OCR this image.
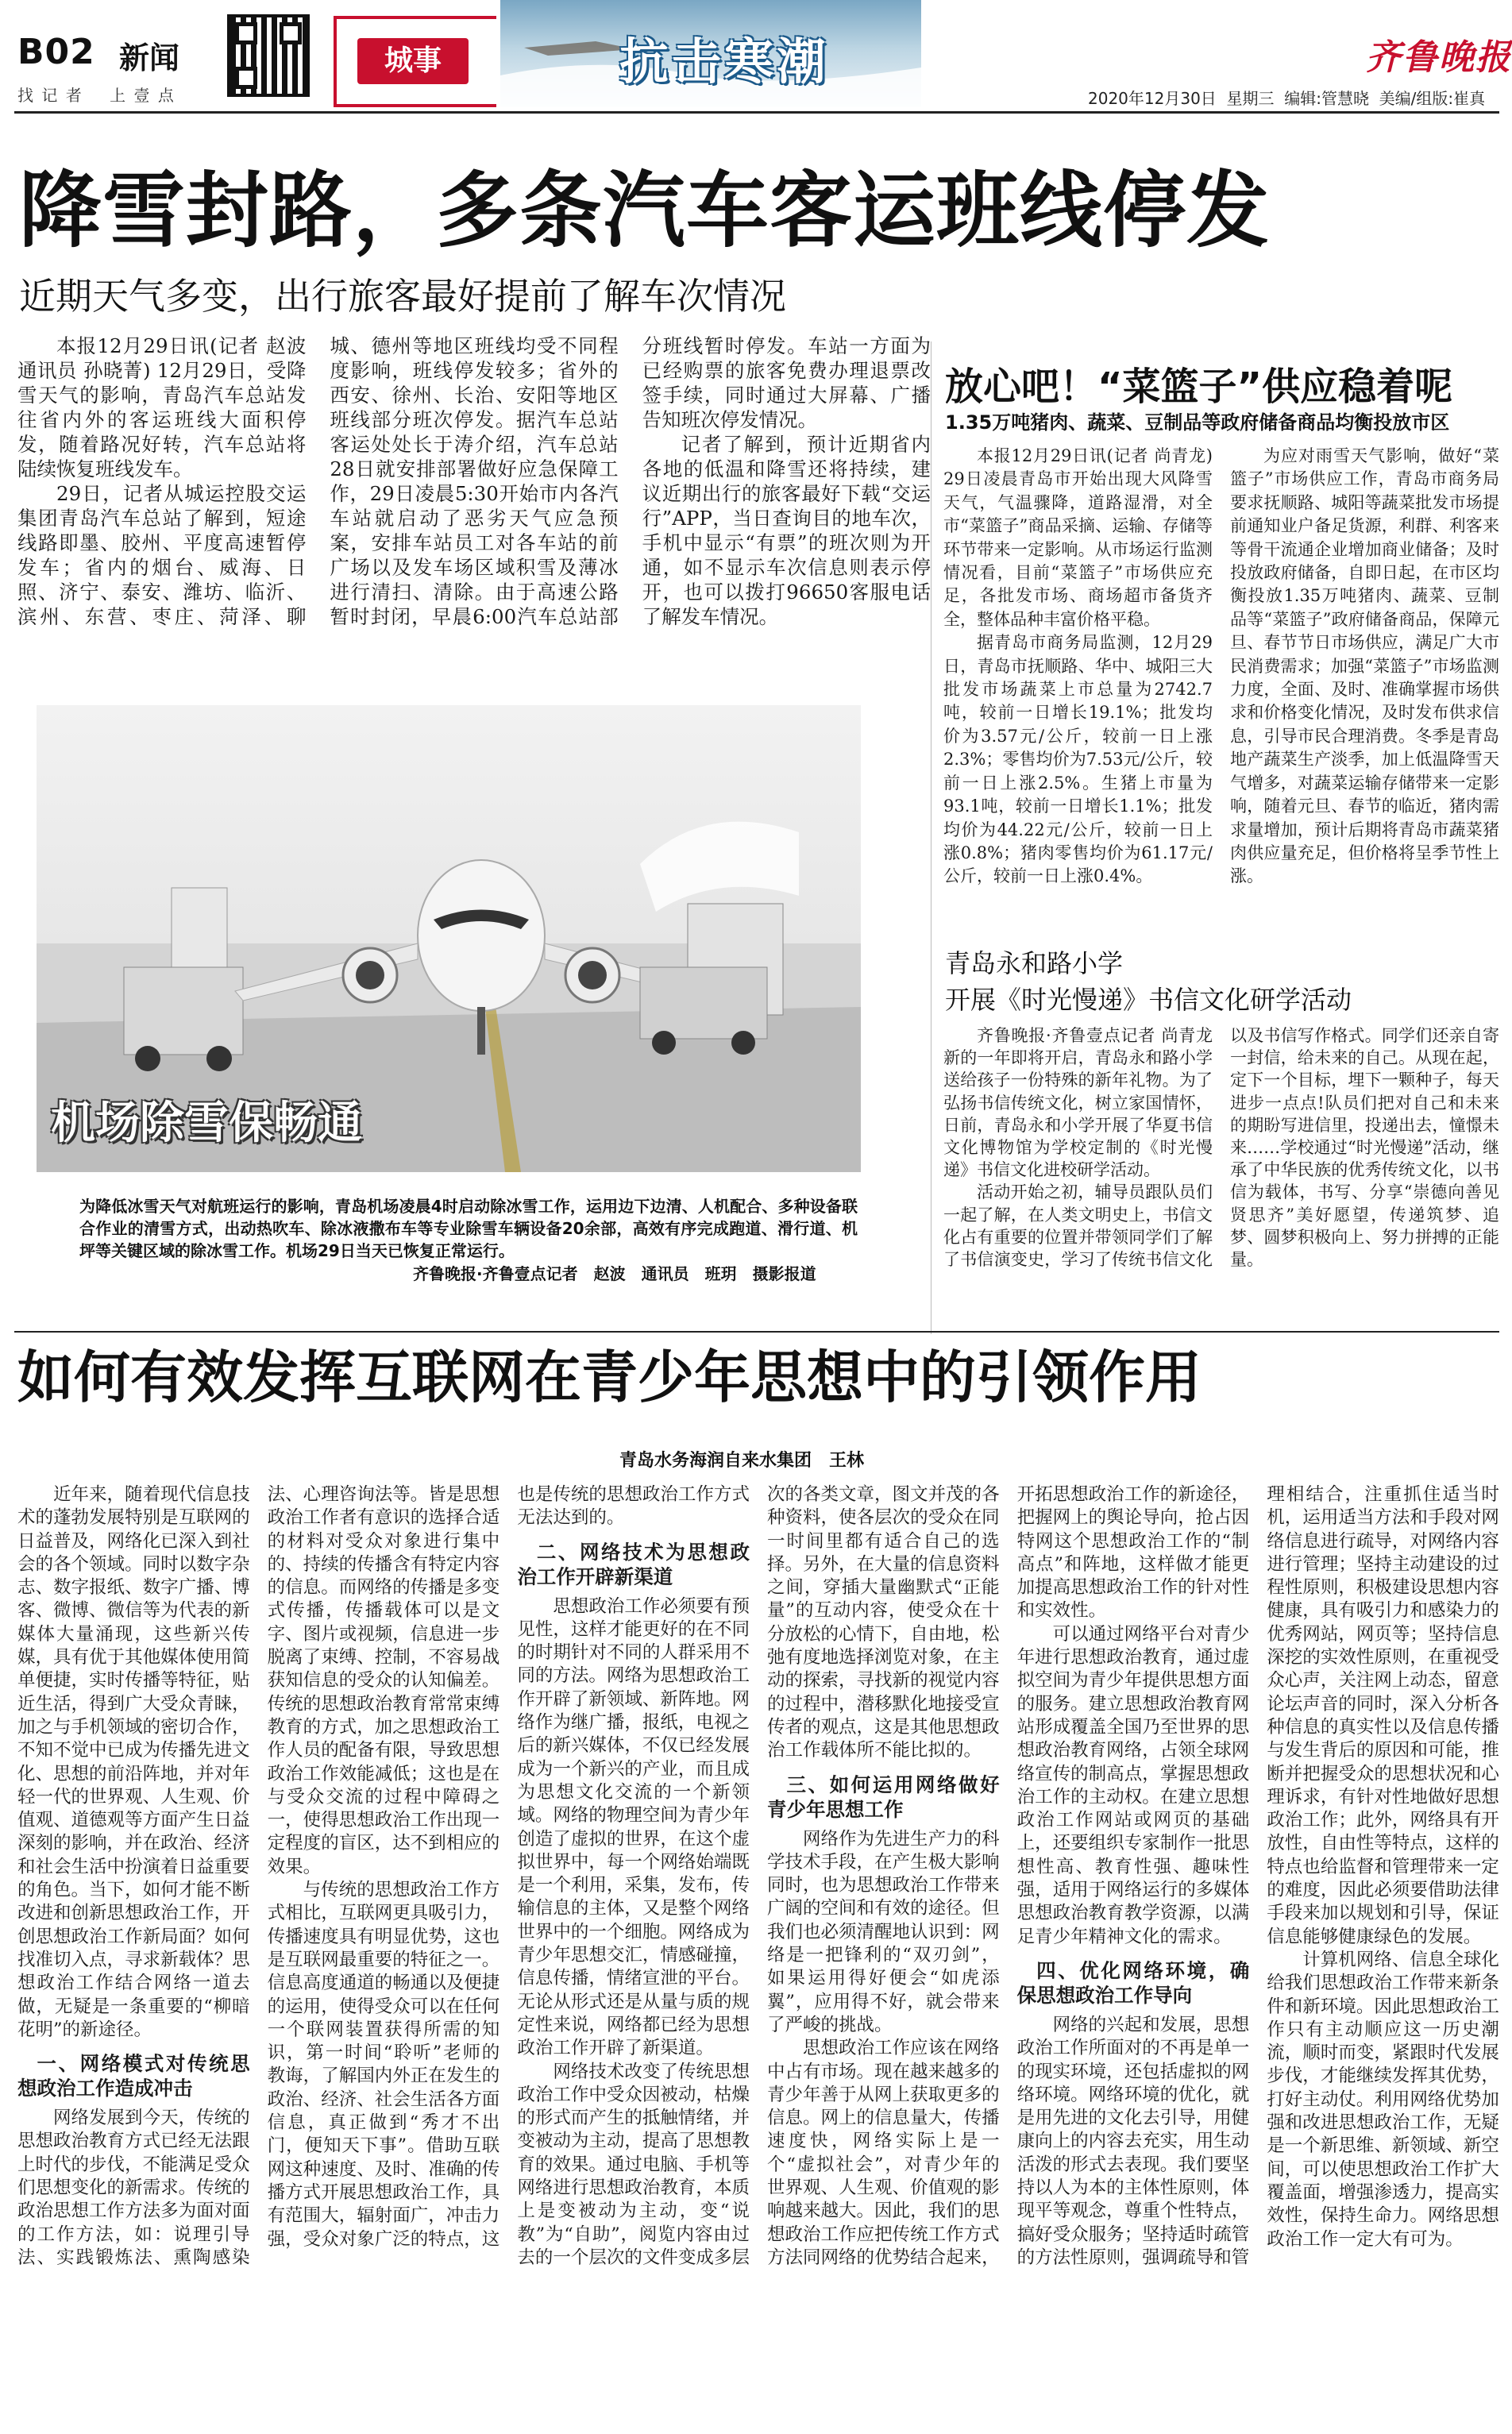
B02 新闻
找 记 者    上 壹 点
城事	抗击寒潮	齐鲁晚报
2020年12月30日  星期三  编辑:管慧晓  美编/组版:崔真
降雪封路，多条汽车客运班线停发
近期天气多变，出行旅客最好提前了解车次情况

本报12月29日讯(记者 赵波 通讯员 孙晓菁) 12月29日，受降雪天气的影响，青岛汽车总站发往省内外的客运班线大面积停发，随着路况好转，汽车总站将陆续恢复班线发车。

29日，记者从城运控股交运集团青岛汽车总站了解到，短途线路即墨、胶州、平度高速暂停发车；省内的烟台、威海、日照、济宁、泰安、潍坊、临沂、滨州、东营、枣庄、菏泽、聊城、德州等地区班线均受不同程度影响，班线停发较多；省外的西安、徐州、长治、安阳等地区班线部分班次停发。据汽车总站客运处处长于涛介绍，汽车总站28日就安排部署做好应急保障工作，29日凌晨5:30开始市内各汽车站就启动了恶劣天气应急预案，安排车站员工对各车站的前广场以及发车场区域积雪及薄冰进行清扫、清除。由于高速公路暂时封闭，早晨6:00汽车总站部分班线暂时停发。车站一方面为已经购票的旅客免费办理退票改签手续，同时通过大屏幕、广播告知班次停发情况。

记者了解到，预计近期省内各地的低温和降雪还将持续，建议近期出行的旅客最好下载“交运行”APP，当日查询目的地车次，手机中显示“有票”的班次则为开通，如不显示车次信息则表示停开，也可以拨打96650客服电话了解发车情况。

机场除雪保畅通
为降低冰雪天气对航班运行的影响，青岛机场凌晨4时启动除冰雪工作，运用边下边清、人机配合、多种设备联合作业的清雪方式，出动热吹车、除冰液撒布车等专业除雪车辆设备20余部，高效有序完成跑道、滑行道、机坪等关键区域的除冰雪工作。机场29日当天已恢复正常运行。
齐鲁晚报·齐鲁壹点记者　赵波　通讯员　班玥　摄影报道
放心吧！“菜篮子”供应稳着呢
1.35万吨猪肉、蔬菜、豆制品等政府储备商品均衡投放市区

本报12月29日讯(记者 尚青龙) 29日凌晨青岛市开始出现大风降雪天气，气温骤降，道路湿滑，对全市“菜篮子”商品采摘、运输、存储等环节带来一定影响。从市场运行监测情况看，目前“菜篮子”市场供应充足，各批发市场、商场超市备货齐全，整体品种丰富价格平稳。

据青岛市商务局监测，12月29日，青岛市抚顺路、华中、城阳三大批发市场蔬菜上市总量为2742.7吨，较前一日增长19.1%；批发均价为3.57元/公斤，较前一日上涨2.3%；零售均价为7.53元/公斤，较前一日上涨2.5%。生猪上市量为93.1吨，较前一日增长1.1%；批发均价为44.22元/公斤，较前一日上涨0.8%；猪肉零售均价为61.17元/公斤，较前一日上涨0.4%。

为应对雨雪天气影响，做好“菜篮子”市场供应工作，青岛市商务局要求抚顺路、城阳等蔬菜批发市场提前通知业户备足货源，利群、利客来等骨干流通企业增加商业储备；及时投放政府储备，自即日起，在市区均衡投放1.35万吨猪肉、蔬菜、豆制品等“菜篮子”政府储备商品，保障元旦、春节节日市场供应，满足广大市民消费需求；加强“菜篮子”市场监测力度，全面、及时、准确掌握市场供求和价格变化情况，及时发布供求信息，引导市民合理消费。冬季是青岛地产蔬菜生产淡季，加上低温降雪天气增多，对蔬菜运输存储带来一定影响，随着元旦、春节的临近，猪肉需求量增加，预计后期将青岛市蔬菜猪肉供应量充足，但价格将呈季节性上涨。

青岛永和路小学
开展《时光慢递》书信文化研学活动

齐鲁晚报·齐鲁壹点记者 尚青龙 新的一年即将开启，青岛永和路小学送给孩子一份特殊的新年礼物。为了弘扬书信传统文化，树立家国情怀，日前，青岛永和小学开展了华夏书信文化博物馆为学校定制的《时光慢递》书信文化进校研学活动。

活动开始之初，辅导员跟队员们一起了解，在人类文明史上，书信文化占有重要的位置并带领同学们了解了书信演变史，学习了传统书信文化以及书信写作格式。同学们还亲自寄一封信，给未来的自己。从现在起，定下一个目标，埋下一颗种子，每天进步一点点!队员们把对自己和未来的期盼写进信里，投递出去，憧憬未来……学校通过“时光慢递”活动，继承了中华民族的优秀传统文化，以书信为载体，书写、分享“崇德向善见贤思齐”美好愿望，传递筑梦、追梦、圆梦积极向上、努力拼搏的正能量。

如何有效发挥互联网在青少年思想中的引领作用
青岛水务海润自来水集团　王林

近年来，随着现代信息技术的蓬勃发展特别是互联网的日益普及，网络化已深入到社会的各个领域。同时以数字杂志、数字报纸、数字广播、博客、微博、微信等为代表的新媒体大量涌现，这些新兴传媒，具有优于其他媒体使用简单便捷，实时传播等特征，贴近生活，得到广大受众青睐，加之与手机领域的密切合作，不知不觉中已成为传播先进文化、思想的前沿阵地，并对年轻一代的世界观、人生观、价值观、道德观等方面产生日益深刻的影响，并在政治、经济和社会生活中扮演着日益重要的角色。当下，如何才能不断改进和创新思想政治工作，开创思想政治工作新局面？如何找准切入点，寻求新载体？思想政治工作结合网络一道去做，无疑是一条重要的“柳暗花明”的新途径。

一、网络模式对传统思想政治工作造成冲击

网络发展到今天，传统的思想政治教育方式已经无法跟上时代的步伐，不能满足受众们思想变化的新需求。传统的政治思想工作方法多为面对面的工作方法，如：说理引导法、实践锻炼法、熏陶感染法、心理咨询法等。皆是思想政治工作者有意识的选择合适的材料对受众对象进行集中的、持续的传播含有特定内容的信息。而网络的传播是多变式传播，传播载体可以是文字、图片或视频，信息进一步脱离了束缚、控制，不容易战获知信息的受众的认知偏差。传统的思想政治教育常常束缚教育的方式，加之思想政治工作人员的配备有限，导致思想政治工作效能减低；这也是在与受众交流的过程中障碍之一，使得思想政治工作出现一定程度的盲区，达不到相应的效果。

与传统的思想政治工作方式相比，互联网更具吸引力，传播速度具有明显优势，这也是互联网最重要的特征之一。信息高度通道的畅通以及便捷的运用，使得受众可以在任何一个联网装置获得所需的知识，第一时间“聆听”老师的教诲，了解国内外正在发生的政治、经济、社会生活各方面信息，真正做到“秀才不出门，便知天下事”。借助互联网这种速度、及时、准确的传播方式开展思想政治工作，具有范围大，辐射面广，冲击力强，受众对象广泛的特点，这也是传统的思想政治工作方式无法达到的。

二、网络技术为思想政治工作开辟新渠道

思想政治工作必须要有预见性，这样才能更好的在不同的时期针对不同的人群采用不同的方法。网络为思想政治工作开辟了新领域、新阵地。网络作为继广播，报纸，电视之后的新兴媒体，不仅已经发展成为一个新兴的产业，而且成为思想文化交流的一个新领域。网络的物理空间为青少年创造了虚拟的世界，在这个虚拟世界中，每一个网络始端既是一个利用，采集，发布，传输信息的主体，又是整个网络世界中的一个细胞。网络成为青少年思想交汇，情感碰撞，信息传播，情绪宣泄的平台。无论从形式还是从量与质的规定性来说，网络都已经为思想政治工作开辟了新渠道。

网络技术改变了传统思想政治工作中受众因被动，枯燥的形式而产生的抵触情绪，并变被动为主动，提高了思想教育的效果。通过电脑、手机等网络进行思想政治教育，本质上是变被动为主动，变“说教”为“自助”，阅览内容由过去的一个层次的文件变成多层次的各类文章，图文并茂的各种资料，使各层次的受众在同一时间里都有适合自己的选择。另外，在大量的信息资料之间，穿插大量幽默式“正能量”的互动内容，使受众在十分放松的心情下，自由地，松弛有度地选择浏览对象，在主动的探索，寻找新的视觉内容的过程中，潜移默化地接受宣传者的观点，这是其他思想政治工作载体所不能比拟的。

三、如何运用网络做好青少年思想工作

网络作为先进生产力的科学技术手段，在产生极大影响同时，也为思想政治工作带来广阔的空间和有效的途径。但我们也必须清醒地认识到：网络是一把锋利的“双刃剑”，如果运用得好便会“如虎添翼”，应用得不好，就会带来了严峻的挑战。

思想政治工作应该在网络中占有市场。现在越来越多的青少年善于从网上获取更多的信息。网上的信息量大，传播速度快，网络实际上是一个“虚拟社会”，对青少年的世界观、人生观、价值观的影响越来越大。因此，我们的思想政治工作应把传统工作方式方法同网络的优势结合起来，开拓思想政治工作的新途径，把握网上的舆论导向，抢占因特网这个思想政治工作的“制高点”和阵地，这样做才能更加提高思想政治工作的针对性和实效性。

可以通过网络平台对青少年进行思想政治教育，通过虚拟空间为青少年提供思想方面的服务。建立思想政治教育网站形成覆盖全国乃至世界的思想政治教育网络，占领全球网络宣传的制高点，掌握思想政治工作的主动权。在建立思想政治工作网站或网页的基础上，还要组织专家制作一批思想性高、教育性强、趣味性强，适用于网络运行的多媒体思想政治教育教学资源，以满足青少年精神文化的需求。

四、优化网络环境，确保思想政治工作导向

网络的兴起和发展，思想政治工作所面对的不再是单一的现实环境，还包括虚拟的网络环境。网络环境的优化，就是用先进的文化去引导，用健康向上的内容去充实，用生动活泼的形式去表现。我们要坚持以人为本的主体性原则，体现平等观念，尊重个性特点，搞好受众服务；坚持适时疏管的方法性原则，强调疏导和管理相结合，注重抓住适当时机，运用适当方法和手段对网络信息进行疏导，对网络内容进行管理；坚持主动建设的过程性原则，积极建设思想内容健康，具有吸引力和感染力的优秀网站，网页等；坚持信息深挖的实效性原则，在重视受众心声，关注网上动态，留意论坛声音的同时，深入分析各种信息的真实性以及信息传播与发生背后的原因和可能，推断并把握受众的思想状况和心理诉求，有针对性地做好思想政治工作；此外，网络具有开放性，自由性等特点，这样的特点也给监督和管理带来一定的难度，因此必须要借助法律手段来加以规划和引导，保证信息能够健康绿色的发展。

计算机网络、信息全球化给我们思想政治工作带来新条件和新环境。因此思想政治工作只有主动顺应这一历史潮流，顺时而变，紧跟时代发展步伐，才能继续发挥其优势，打好主动仗。利用网络优势加强和改进思想政治工作，无疑是一个新思维、新领域、新空间，可以使思想政治工作扩大覆盖面，增强渗透力，提高实效性，保持生命力。网络思想政治工作一定大有可为。
